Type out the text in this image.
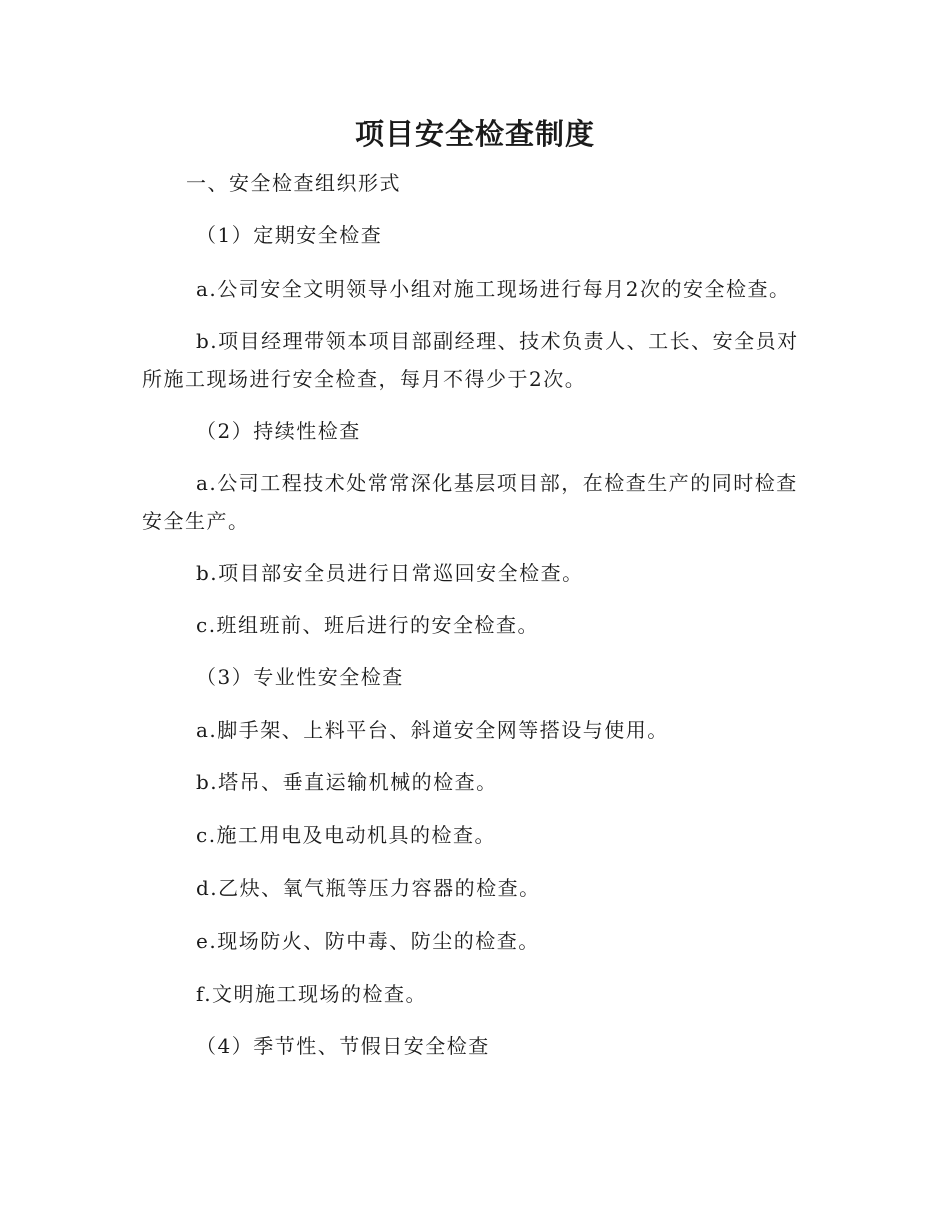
项目安全检查制度
一、安全检查组织形式
（1）定期安全检查
a.公司安全文明领导小组对施工现场进行每月2次的安全检查。
b.项目经理带领本项目部副经理、技术负责人、工长、安全员对
所施工现场进行安全检查，每月不得少于2次。
（2）持续性检查
a.公司工程技术处常常深化基层项目部，在检查生产的同时检查
安全生产。
b.项目部安全员进行日常巡回安全检查。
c.班组班前、班后进行的安全检查。
（3）专业性安全检查
a.脚手架、上料平台、斜道安全网等搭设与使用。
b.塔吊、垂直运输机械的检查。
c.施工用电及电动机具的检查。
d.乙炔、氧气瓶等压力容器的检查。
e.现场防火、防中毒、防尘的检查。
f.文明施工现场的检查。
（4）季节性、节假日安全检查
